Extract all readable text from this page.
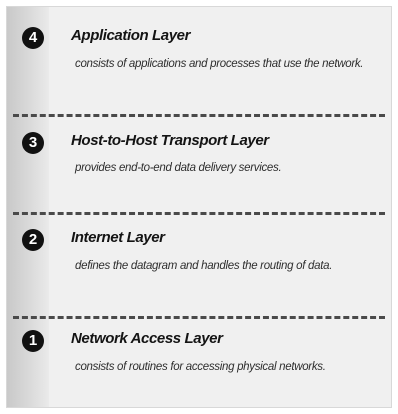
4	Application Layer
consists of applications and processes that use the network.
3	Host-to-Host Transport Layer
provides end-to-end data delivery services.
2	Internet Layer
defines the datagram and handles the routing of data.
1	Network Access Layer
consists of routines for accessing physical networks.
